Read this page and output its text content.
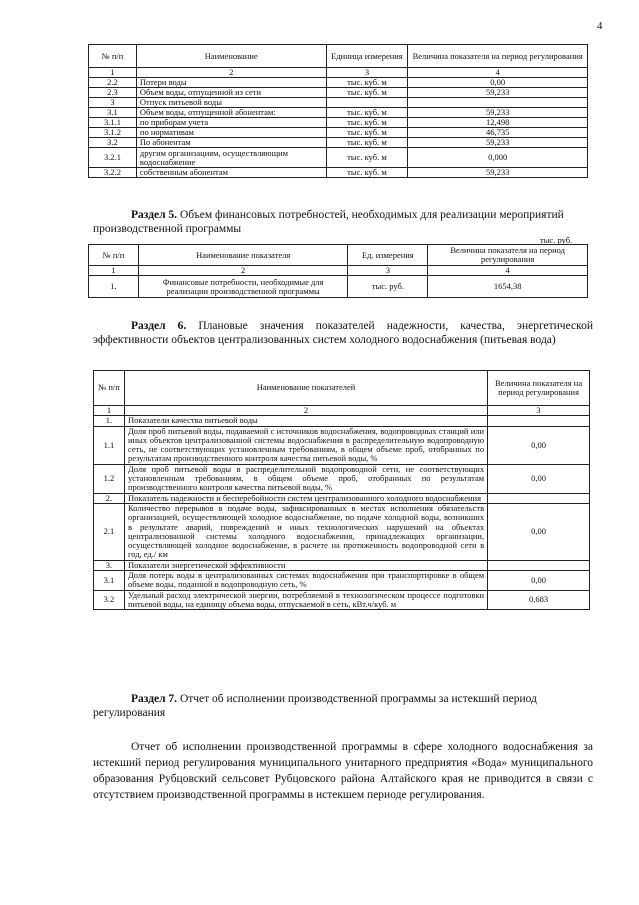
4
№ п/п	Наименование	Единица измерения	Величина показателя на период регулирования
1	2	3	4
2.2	Потери воды	тыс. куб. м	0,00
2.3	Объем воды, отпущенной из сети	тыс. куб. м	59,233
3	Отпуск питьевой воды		
3.1	Объем воды, отпущенной абонентам:	тыс. куб. м	59,233
3.1.1	по приборам учета	тыс. куб. м	12,498
3.1.2	по нормативам	тыс. куб. м	46,735
3.2	По абонентам	тыс. куб. м	59,233
3.2.1	другим организациям, осуществляющим водоснабжение	тыс. куб. м	0,000
3.2.2	собственным абонентам	тыс. куб. м	59,233
Раздел 5. Объем финансовых потребностей, необходимых для реализации мероприятий производственной программы
тыс. руб.
№ п/п	Наименование показателя	Ед. измерения	Величина показателя на период регулирования
1	2	3	4
1.	Финансовые потребности, необходимые для реализации производственной программы	тыс. руб.	1654,38
Раздел 6. Плановые значения показателей надежности, качества, энергетической эффективности объектов централизованных систем холодного водоснабжения (питьевая вода)
№ п/п	Наименование показателей	Величина показателя на период регулирования
1	2	3
1.	Показатели качества питьевой воды	
1.1	Доля проб питьевой воды, подаваемой с источников водоснабжения, водопроводных станций или иных объектов централизованной системы водоснабжения в распределительную водопроводную сеть, не соответствующих установленным требованиям, в общем объеме проб, отобранных по результатам производственного контроля качества питьевой воды, %	0,00
1.2	Доля проб питьевой воды в распределительной водопроводной сети, не соответствующих установленным требованиям, в общем объеме проб, отобранных по результатам производственного контроля качества питьевой воды, %	0,00
2.	Показатель надежности и бесперебойности систем централизованного холодного водоснабжения	
2.1	Количество перерывов в подаче воды, зафиксированных в местах исполнения обязательств организацией, осуществляющей холодное водоснабжение, по подаче холодной воды, возникших в результате аварий, повреждений и иных технологических нарушений на объектах централизованной системы холодного водоснабжения, принадлежащих организации, осуществляющей холодное водоснабжение, в расчете на протяженность водопроводной сети в год, ед./ км	0,00
3.	Показатели энергетической эффективности	
3.1	Доля потерь воды в централизованных системах водоснабжения при транспортировке в общем объеме воды, поданной в водопроводную сеть, %	0,00
3.2	Удельный расход электрической энергии, потребляемой в технологическом процессе подготовки питьевой воды, на единицу объема воды, отпускаемой в сеть, кВт.ч/куб. м	0,683
Раздел 7. Отчет об исполнении производственной программы за истекший период регулирования
Отчет об исполнении производственной программы в сфере холодного водоснабжения за истекший период регулирования муниципального унитарного предприятия «Вода» муниципального образования Рубцовский сельсовет Рубцовского района Алтайского края не приводится в связи с отсутствием производственной программы в истекшем периоде регулирования.
